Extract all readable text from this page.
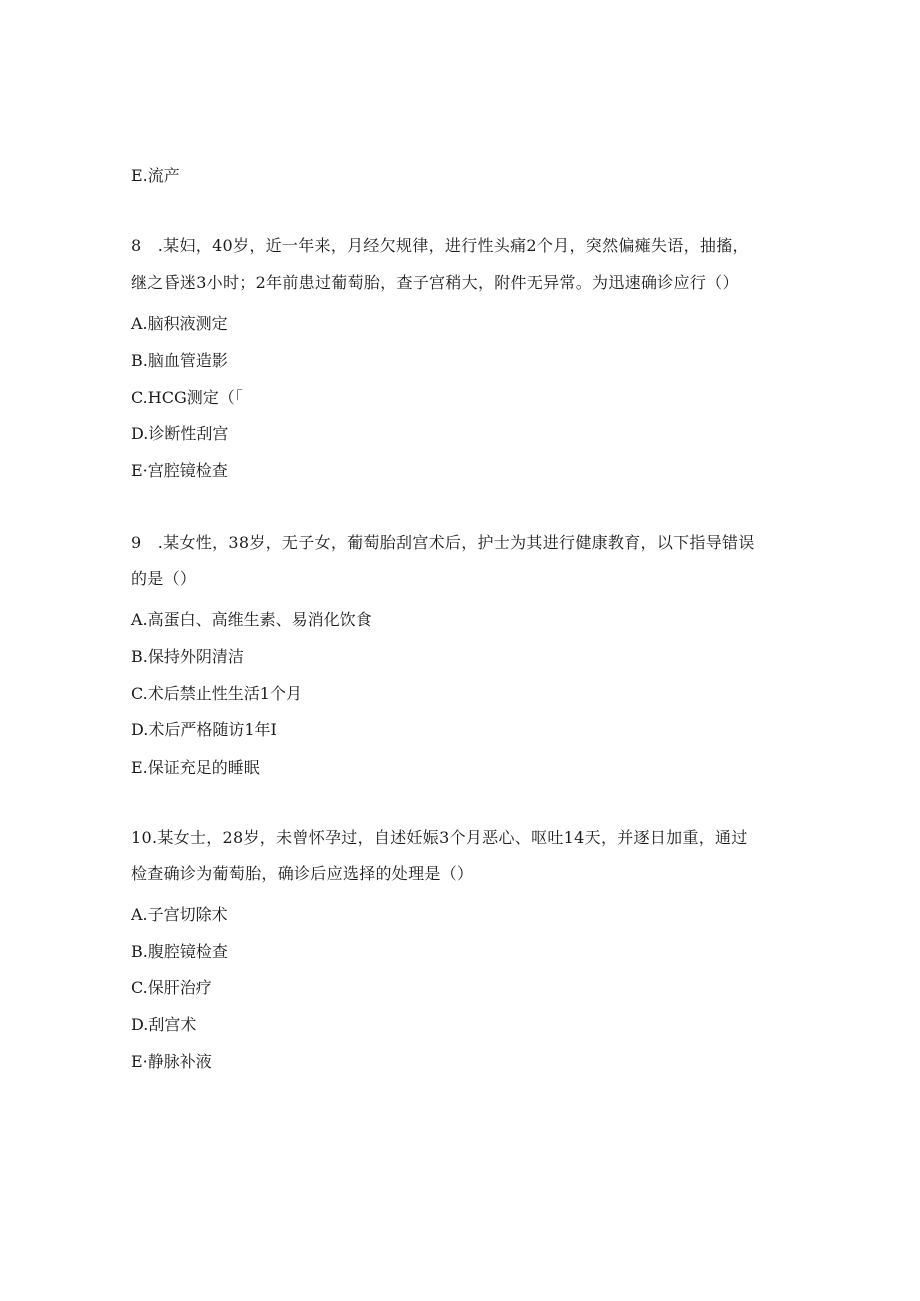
E.流产
8　.某妇，40岁，近一年来，月经欠规律，进行性头痛2个月，突然偏瘫失语，抽搐，
继之昏迷3小时；2年前患过葡萄胎，查子宫稍大，附件无异常。为迅速确诊应行（）
A.脑积液测定
B.脑血管造影
C.HCG测定（「
D.诊断性刮宫
E·宫腔镜检查
9　.某女性，38岁，无子女，葡萄胎刮宫术后，护士为其进行健康教育，以下指导错误
的是（）
A.高蛋白、高维生素、易消化饮食
B.保持外阴清洁
C.术后禁止性生活1个月
D.术后严格随访1年I
E.保证充足的睡眠
10.某女士，28岁，未曾怀孕过，自述妊娠3个月恶心、呕吐14天，并逐日加重，通过
检查确诊为葡萄胎，确诊后应选择的处理是（）
A.子宫切除术
B.腹腔镜检查
C.保肝治疗
D.刮宫术
E·静脉补液
